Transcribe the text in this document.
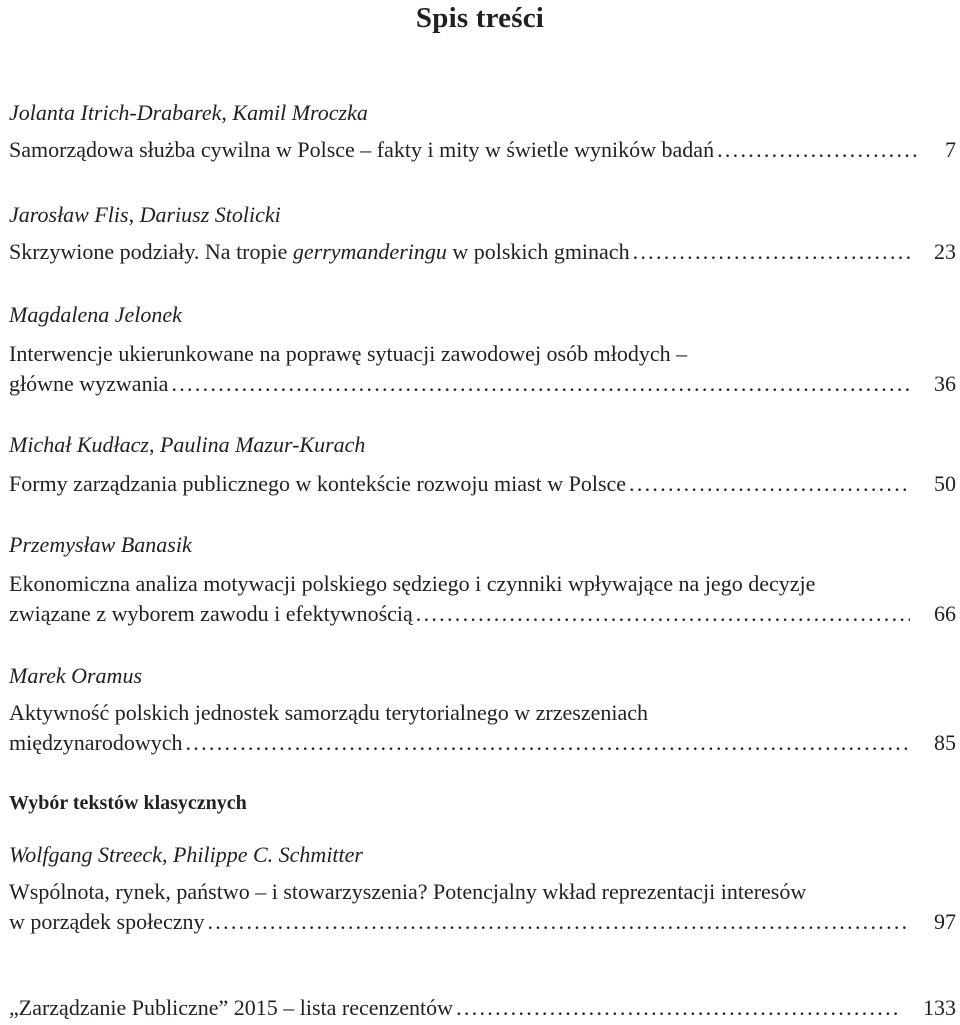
Spis treści
Jolanta Itrich-Drabarek, Kamil Mroczka
Samorządowa służba cywilna w Polsce – fakty i mity w świetle wyników badań . . .	7
Jarosław Flis, Dariusz Stolicki
Skrzywione podziały. Na tropie gerrymanderingu w polskich gminach . . .	23
Magdalena Jelonek
Interwencje ukierunkowane na poprawę sytuacji zawodowej osób młodych –
główne wyzwania . . .	36
Michał Kudłacz, Paulina Mazur-Kurach
Formy zarządzania publicznego w kontekście rozwoju miast w Polsce . . .	50
Przemysław Banasik
Ekonomiczna analiza motywacji polskiego sędziego i czynniki wpływające na jego decyzje
związane z wyborem zawodu i efektywnością . . .	66
Marek Oramus
Aktywność polskich jednostek samorządu terytorialnego w zrzeszeniach
międzynarodowych . . .	85
Wybór tekstów klasycznych
Wolfgang Streeck, Philippe C. Schmitter
Wspólnota, rynek, państwo – i stowarzyszenia? Potencjalny wkład reprezentacji interesów
w porządek społeczny . . .	97
„Zarządzanie Publiczne” 2015 – lista recenzentów . . .	133
